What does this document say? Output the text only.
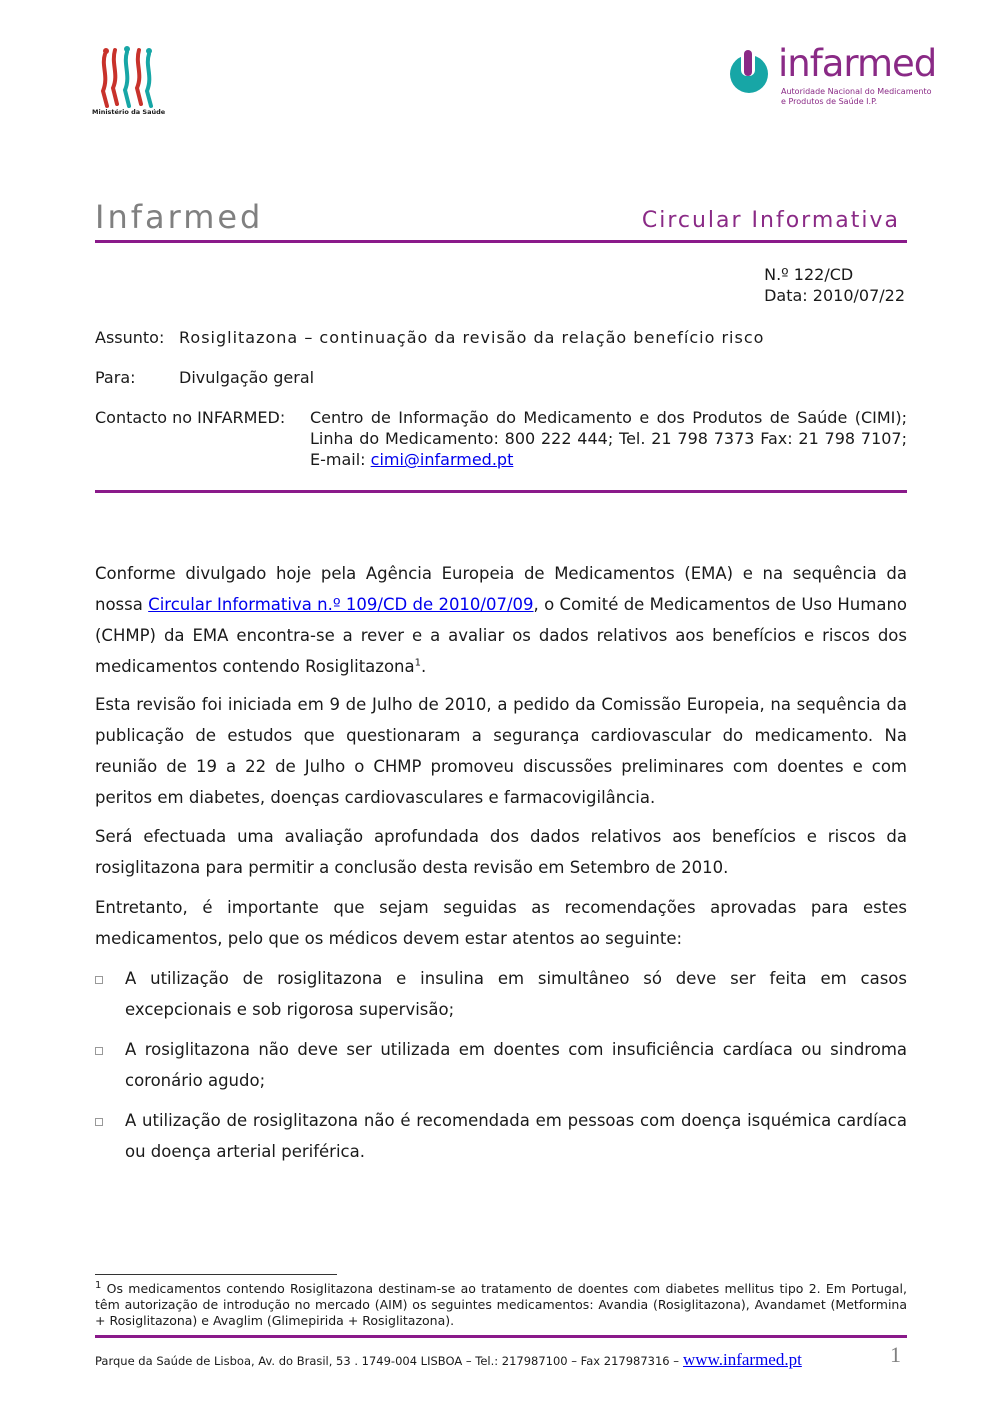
Ministério da Saúde
infarmed
Autoridade Nacional do Medicamento
e Produtos de Saúde I.P.
Infarmed	Circular Informativa
N.º 122/CD
Data: 2010/07/22
Assunto: Rosiglitazona – continuação da revisão da relação benefício risco
Para:	Divulgação geral
Contacto no INFARMED: Centro de Informação do Medicamento e dos Produtos de Saúde (CIMI); Linha do Medicamento: 800 222 444; Tel. 21 798 7373 Fax: 21 798 7107; E-mail: cimi@infarmed.pt
Conforme divulgado hoje pela Agência Europeia de Medicamentos (EMA) e na sequência da nossa Circular Informativa n.º 109/CD de 2010/07/09, o Comité de Medicamentos de Uso Humano (CHMP) da EMA encontra-se a rever e a avaliar os dados relativos aos benefícios e riscos dos medicamentos contendo Rosiglitazona$^1$.
Esta revisão foi iniciada em 9 de Julho de 2010, a pedido da Comissão Europeia, na sequência da publicação de estudos que questionaram a segurança cardiovascular do medicamento. Na reunião de 19 a 22 de Julho o CHMP promoveu discussões preliminares com doentes e com peritos em diabetes, doenças cardiovasculares e farmacovigilância.
Será efectuada uma avaliação aprofundada dos dados relativos aos benefícios e riscos da rosiglitazona para permitir a conclusão desta revisão em Setembro de 2010.
Entretanto, é importante que sejam seguidas as recomendações aprovadas para estes medicamentos, pelo que os médicos devem estar atentos ao seguinte:
A utilização de rosiglitazona e insulina em simultâneo só deve ser feita em casos excepcionais e sob rigorosa supervisão;
A rosiglitazona não deve ser utilizada em doentes com insuficiência cardíaca ou sindroma coronário agudo;
A utilização de rosiglitazona não é recomendada em pessoas com doença isquémica cardíaca ou doença arterial periférica.
$^1$ Os medicamentos contendo Rosiglitazona destinam-se ao tratamento de doentes com diabetes mellitus tipo 2. Em Portugal, têm autorização de introdução no mercado (AIM) os seguintes medicamentos: Avandia (Rosiglitazona), Avandamet (Metformina + Rosiglitazona) e Avaglim (Glimepirida + Rosiglitazona).
Parque da Saúde de Lisboa, Av. do Brasil, 53 . 1749-004 LISBOA – Tel.: 217987100 – Fax 217987316 – www.infarmed.pt	1
